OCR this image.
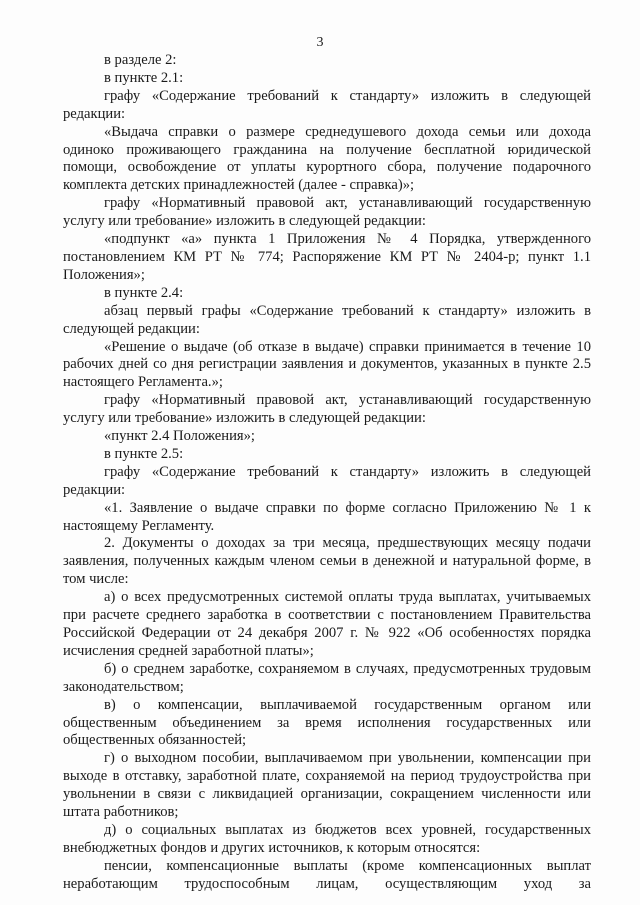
3

в разделе 2:

в пункте 2.1:

графу «Содержание требований к стандарту» изложить в следующей редакции:

«Выдача справки о размере среднедушевого дохода семьи или дохода одиноко проживающего гражданина на получение бесплатной юридической помощи, освобождение от уплаты курортного сбора, получение подарочного комплекта детских принадлежностей (далее - справка)»;

графу «Нормативный правовой акт, устанавливающий государственную услугу или требование» изложить в следующей редакции:

«подпункт «а» пункта 1 Приложения № 4 Порядка, утвержденного постановлением КМ РТ № 774; Распоряжение КМ РТ № 2404-р; пункт 1.1 Положения»;

в пункте 2.4:

абзац первый графы «Содержание требований к стандарту» изложить в следующей редакции:

«Решение о выдаче (об отказе в выдаче) справки принимается в течение 10 рабочих дней со дня регистрации заявления и документов, указанных в пункте 2.5 настоящего Регламента.»;

графу «Нормативный правовой акт, устанавливающий государственную услугу или требование» изложить в следующей редакции:

«пункт 2.4 Положения»;

в пункте 2.5:

графу «Содержание требований к стандарту» изложить в следующей редакции:

«1. Заявление о выдаче справки по форме согласно Приложению № 1 к настоящему Регламенту.

2. Документы о доходах за три месяца, предшествующих месяцу подачи заявления, полученных каждым членом семьи в денежной и натуральной форме, в том числе:

а) о всех предусмотренных системой оплаты труда выплатах, учитываемых при расчете среднего заработка в соответствии с постановлением Правительства Российской Федерации от 24 декабря 2007 г. № 922 «Об особенностях порядка исчисления средней заработной платы»;

б) о среднем заработке, сохраняемом в случаях, предусмотренных трудовым законодательством;

в) о компенсации, выплачиваемой государственным органом или общественным объединением за время исполнения государственных или общественных обязанностей;

г) о выходном пособии, выплачиваемом при увольнении, компенсации при выходе в отставку, заработной плате, сохраняемой на период трудоустройства при увольнении в связи с ликвидацией организации, сокращением численности или штата работников;

д) о социальных выплатах из бюджетов всех уровней, государственных внебюджетных фондов и других источников, к которым относятся:

пенсии, компенсационные выплаты (кроме компенсационных выплат неработающим трудоспособным лицам, осуществляющим уход за
